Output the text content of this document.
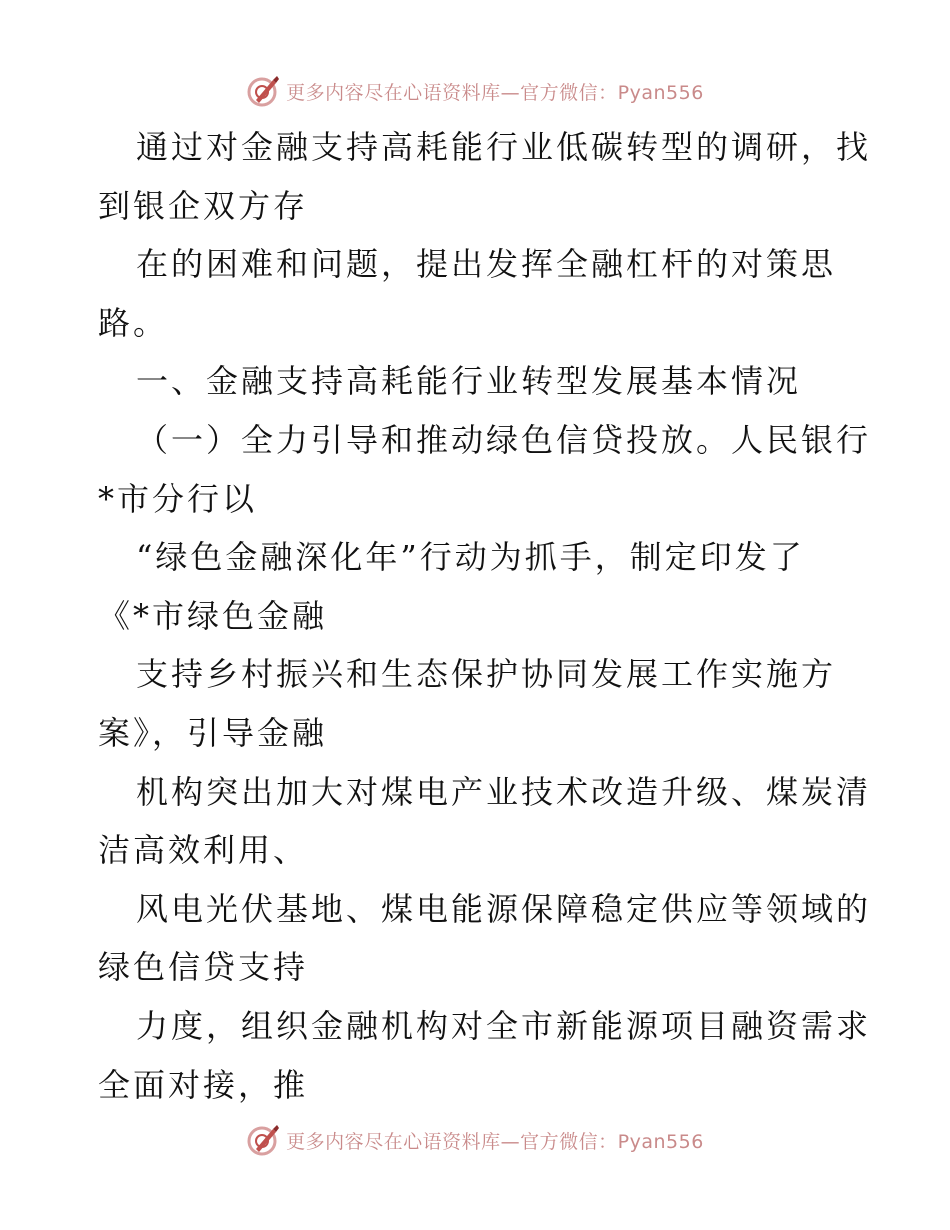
更多内容尽在心语资料库—官方微信：Pyan556
通过对金融支持高耗能行业低碳转型的调研，找
到银企双方存
在的困难和问题，提出发挥全融杠杆的对策思
路。
一、金融支持高耗能行业转型发展基本情况
（一）全力引导和推动绿色信贷投放。人民银行
*市分行以
“绿色金融深化年”行动为抓手，制定印发了
《*市绿色金融
支持乡村振兴和生态保护协同发展工作实施方
案》，引导金融
机构突出加大对煤电产业技术改造升级、煤炭清
洁高效利用、
风电光伏基地、煤电能源保障稳定供应等领域的
绿色信贷支持
力度，组织金融机构对全市新能源项目融资需求
全面对接，推
更多内容尽在心语资料库—官方微信：Pyan556
